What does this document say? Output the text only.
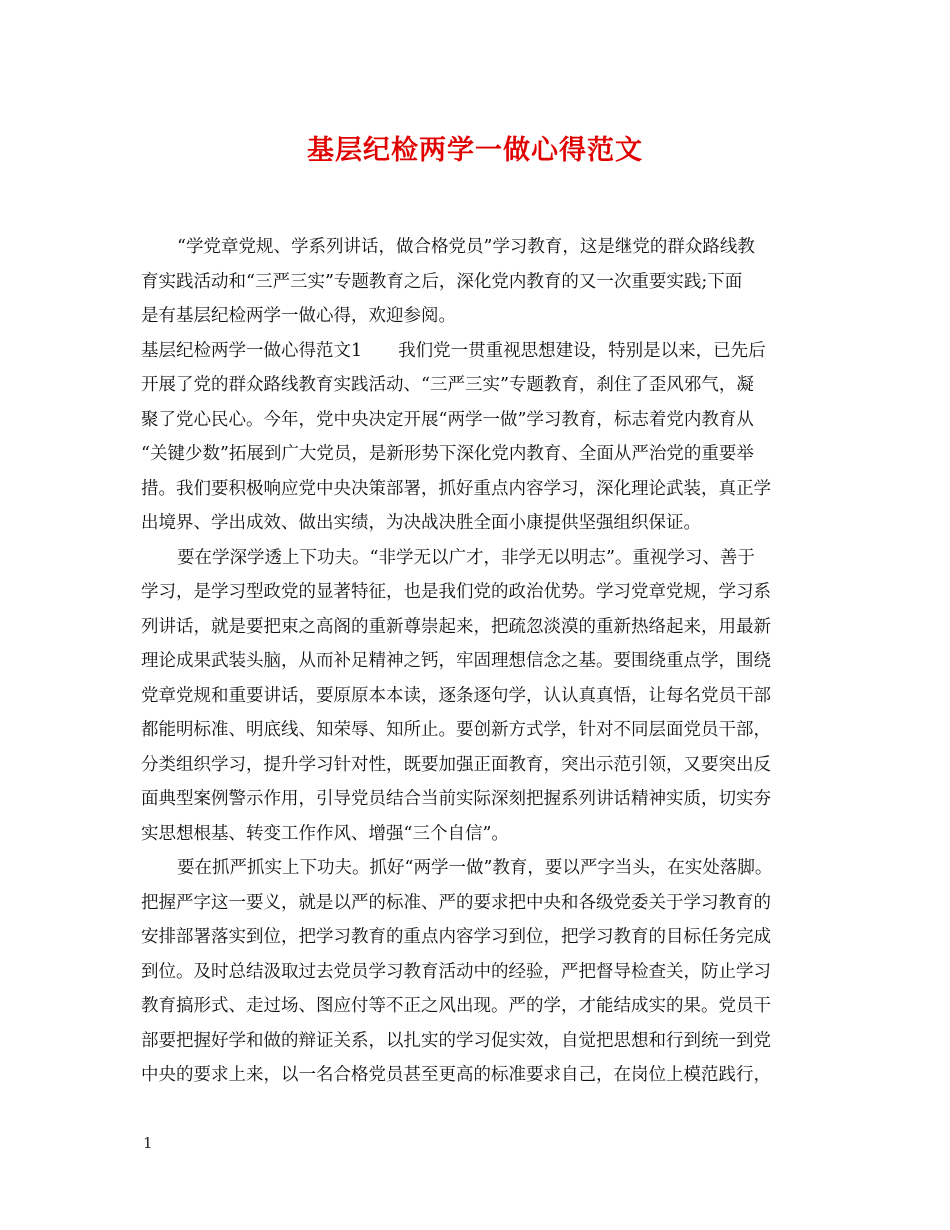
基层纪检两学一做心得范文
“学党章党规、学系列讲话，做合格党员”学习教育，这是继党的群众路线教
育实践活动和“三严三实”专题教育之后，深化党内教育的又一次重要实践;下面
是有基层纪检两学一做心得，欢迎参阅。
基层纪检两学一做心得范文1 我们党一贯重视思想建设，特别是以来，已先后
开展了党的群众路线教育实践活动、“三严三实”专题教育，刹住了歪风邪气，凝
聚了党心民心。今年，党中央决定开展“两学一做”学习教育，标志着党内教育从
“关键少数”拓展到广大党员，是新形势下深化党内教育、全面从严治党的重要举
措。我们要积极响应党中央决策部署，抓好重点内容学习，深化理论武装，真正学
出境界、学出成效、做出实绩，为决战决胜全面小康提供坚强组织保证。
要在学深学透上下功夫。“非学无以广才，非学无以明志”。重视学习、善于
学习，是学习型政党的显著特征，也是我们党的政治优势。学习党章党规，学习系
列讲话，就是要把束之高阁的重新尊崇起来，把疏忽淡漠的重新热络起来，用最新
理论成果武装头脑，从而补足精神之钙，牢固理想信念之基。要围绕重点学，围绕
党章党规和重要讲话，要原原本本读，逐条逐句学，认认真真悟，让每名党员干部
都能明标准、明底线、知荣辱、知所止。要创新方式学，针对不同层面党员干部，
分类组织学习，提升学习针对性，既要加强正面教育，突出示范引领，又要突出反
面典型案例警示作用，引导党员结合当前实际深刻把握系列讲话精神实质，切实夯
实思想根基、转变工作作风、增强“三个自信”。
要在抓严抓实上下功夫。抓好“两学一做”教育，要以严字当头，在实处落脚。
把握严字这一要义，就是以严的标准、严的要求把中央和各级党委关于学习教育的
安排部署落实到位，把学习教育的重点内容学习到位，把学习教育的目标任务完成
到位。及时总结汲取过去党员学习教育活动中的经验，严把督导检查关，防止学习
教育搞形式、走过场、图应付等不正之风出现。严的学，才能结成实的果。党员干
部要把握好学和做的辩证关系，以扎实的学习促实效，自觉把思想和行到统一到党
中央的要求上来，以一名合格党员甚至更高的标准要求自己，在岗位上模范践行，
1
